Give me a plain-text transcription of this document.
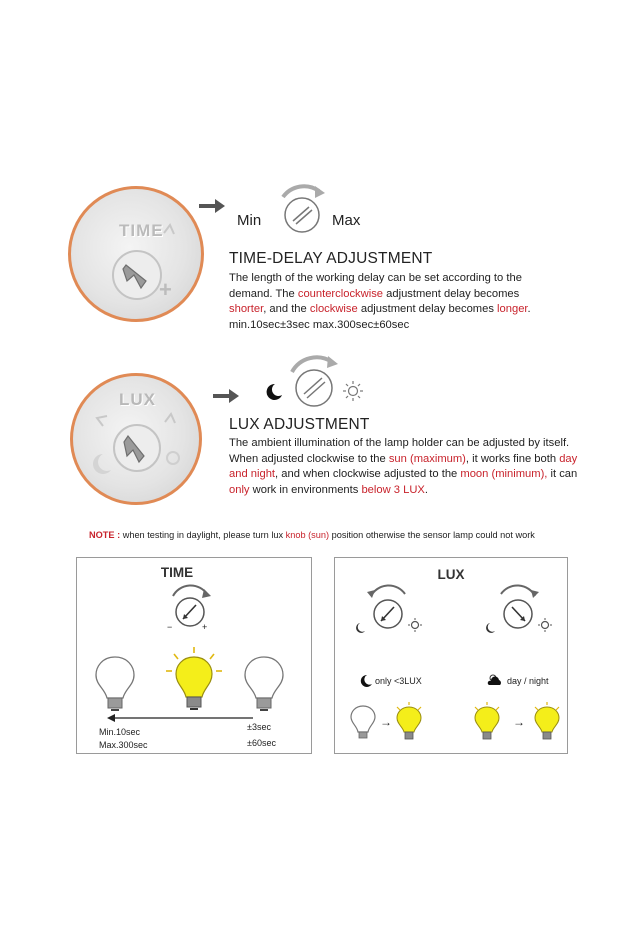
TIME
+
Min	Max
TIME-DELAY ADJUSTMENT
The length of the working delay can be set according to the
demand. The counterclockwise adjustment delay becomes
shorter, and the clockwise adjustment delay becomes longer.
min.10sec±3sec max.300sec±60sec
LUX
LUX ADJUSTMENT
The ambient illumination of the lamp holder can be adjusted by itself.
When adjusted clockwise to the sun (maximum), it works fine both day
and night, and when clockwise adjusted to the moon (minimum), it can
only work in environments below 3 LUX.
NOTE : when testing in daylight, please turn lux knob (sun) position otherwise the sensor lamp could not work
TIME
−	+
Min.10sec
Max.300sec
±3sec
±60sec
LUX
only <3LUX	day / night
→	→
